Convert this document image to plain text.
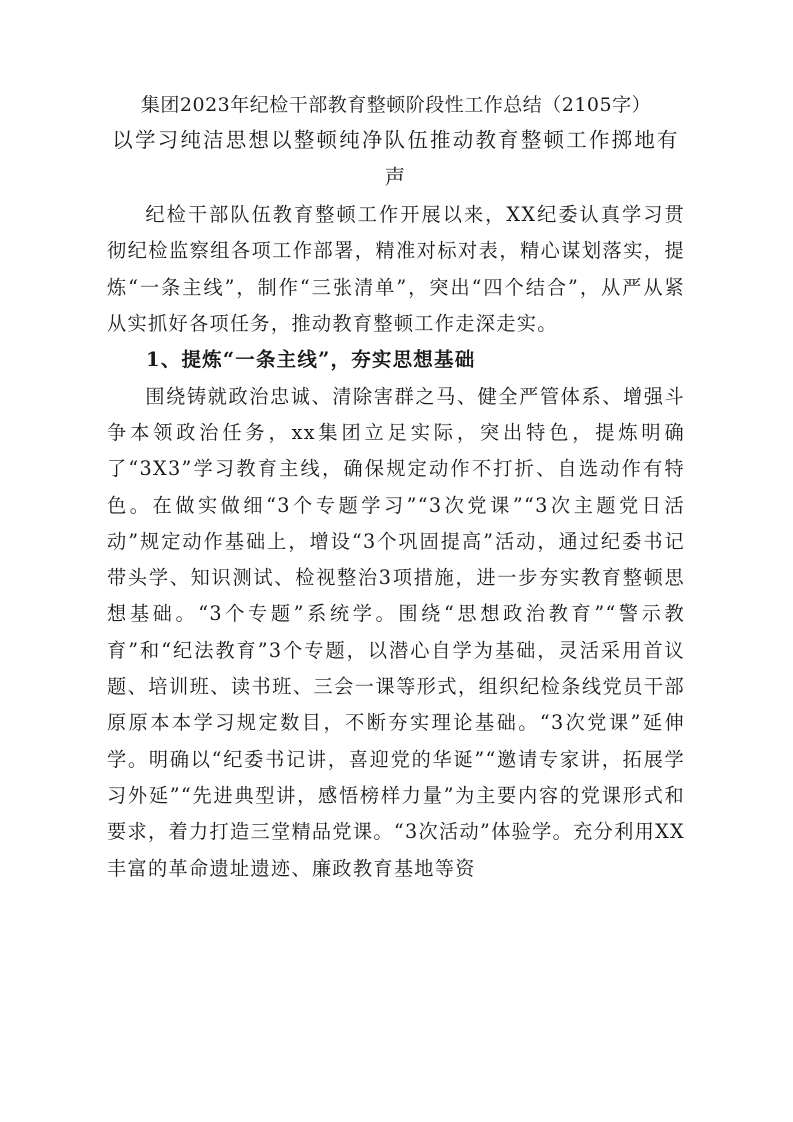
集团2023年纪检干部教育整顿阶段性工作总结（2105字）

以学习纯洁思想以整顿纯净队伍推动教育整顿工作掷地有声

纪检干部队伍教育整顿工作开展以来，XX纪委认真学习贯彻纪检监察组各项工作部署，精准对标对表，精心谋划落实，提炼“一条主线”，制作“三张清单”，突出“四个结合”，从严从紧从实抓好各项任务，推动教育整顿工作走深走实。

1、提炼“一条主线”，夯实思想基础

围绕铸就政治忠诚、清除害群之马、健全严管体系、增强斗争本领政治任务，xx集团立足实际，突出特色，提炼明确了“3X3”学习教育主线，确保规定动作不打折、自选动作有特色。在做实做细“3个专题学习”“3次党课”“3次主题党日活动”规定动作基础上，增设“3个巩固提高”活动，通过纪委书记带头学、知识测试、检视整治3项措施，进一步夯实教育整顿思想基础。“3个专题”系统学。围绕“思想政治教育”“警示教育”和“纪法教育”3个专题，以潜心自学为基础，灵活采用首议题、培训班、读书班、三会一课等形式，组织纪检条线党员干部原原本本学习规定数目，不断夯实理论基础。“3次党课”延伸学。明确以“纪委书记讲，喜迎党的华诞”“邀请专家讲，拓展学习外延”“先进典型讲，感悟榜样力量”为主要内容的党课形式和要求，着力打造三堂精品党课。“3次活动”体验学。充分利用XX丰富的革命遗址遗迹、廉政教育基地等资
